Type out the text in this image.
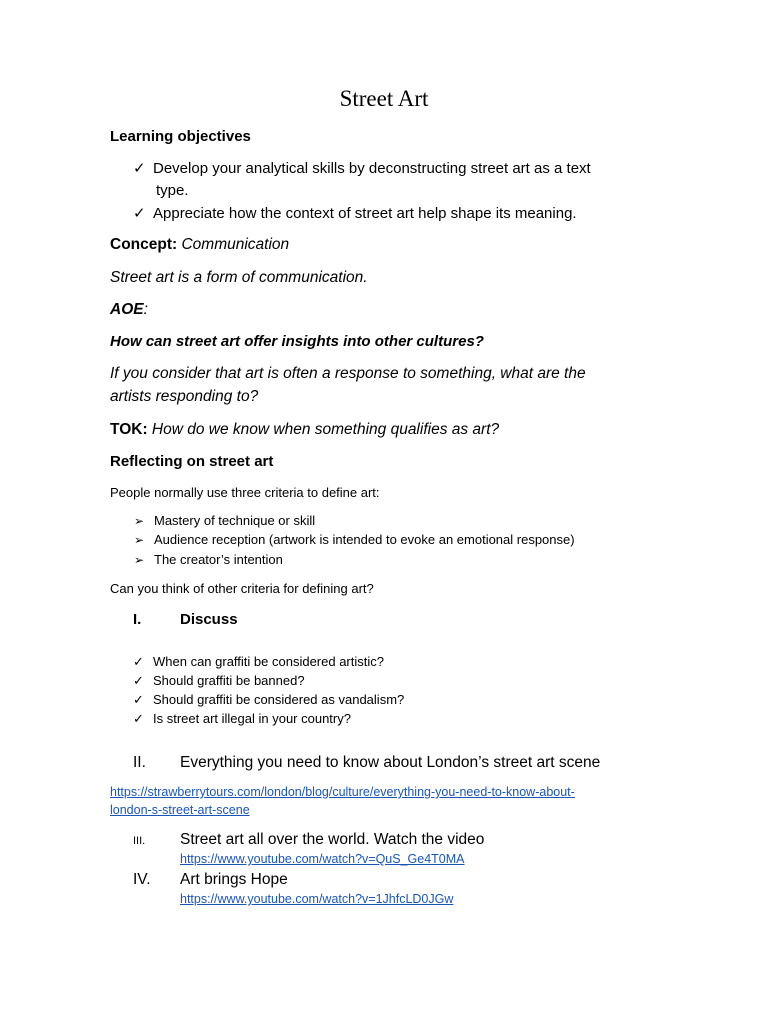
Street Art
Learning objectives
✓ Develop your analytical skills by deconstructing street art as a text
type.
✓ Appreciate how the context of street art help shape its meaning.
Concept: Communication
Street art is a form of communication.
AOE:
How can street art offer insights into other cultures?
If you consider that art is often a response to something, what are the
artists responding to?
TOK: How do we know when something qualifies as art?
Reflecting on street art
People normally use three criteria to define art:
➢ Mastery of technique or skill
➢ Audience reception (artwork is intended to evoke an emotional response)
➢ The creator’s intention
Can you think of other criteria for defining art?
I.	Discuss
✓ When can graffiti be considered artistic?
✓ Should graffiti be banned?
✓ Should graffiti be considered as vandalism?
✓ Is street art illegal in your country?
II. Everything you need to know about London’s street art scene
https://strawberrytours.com/london/blog/culture/everything-you-need-to-know-about-
london-s-street-art-scene
III. Street art all over the world. Watch the video
https://www.youtube.com/watch?v=QuS_Ge4T0MA
IV. Art brings Hope
https://www.youtube.com/watch?v=1JhfcLD0JGw
